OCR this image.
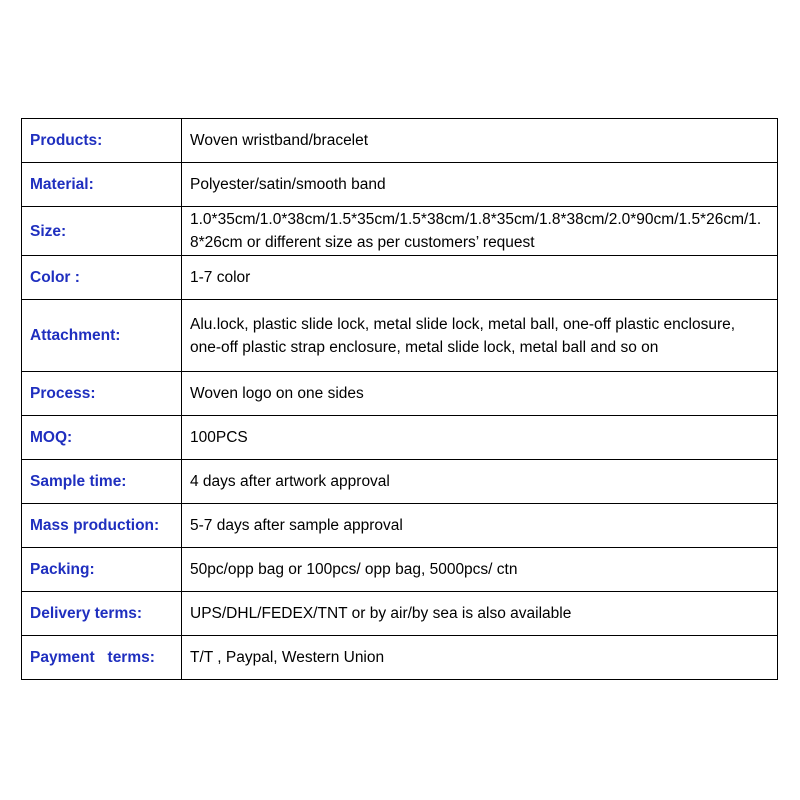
Products:	Woven wristband/bracelet
Material:	Polyester/satin/smooth band
Size:	1.0*35cm/1.0*38cm/1.5*35cm/1.5*38cm/1.8*35cm/1.8*38cm/2.0*90cm/1.5*26cm/1.8*26cm or different size as per customers’ request
Color :	1-7 color
Attachment:	Alu.lock, plastic slide lock, metal slide lock, metal ball, one-off plastic enclosure, one-off plastic strap enclosure, metal slide lock, metal ball and so on
Process:	Woven logo on one sides
MOQ:	100PCS
Sample time:	4 days after artwork approval
Mass production:	5-7 days after sample approval
Packing:	50pc/opp bag or 100pcs/ opp bag, 5000pcs/ ctn
Delivery terms:	UPS/DHL/FEDEX/TNT or by air/by sea is also available
Payment   terms:	T/T , Paypal, Western Union
